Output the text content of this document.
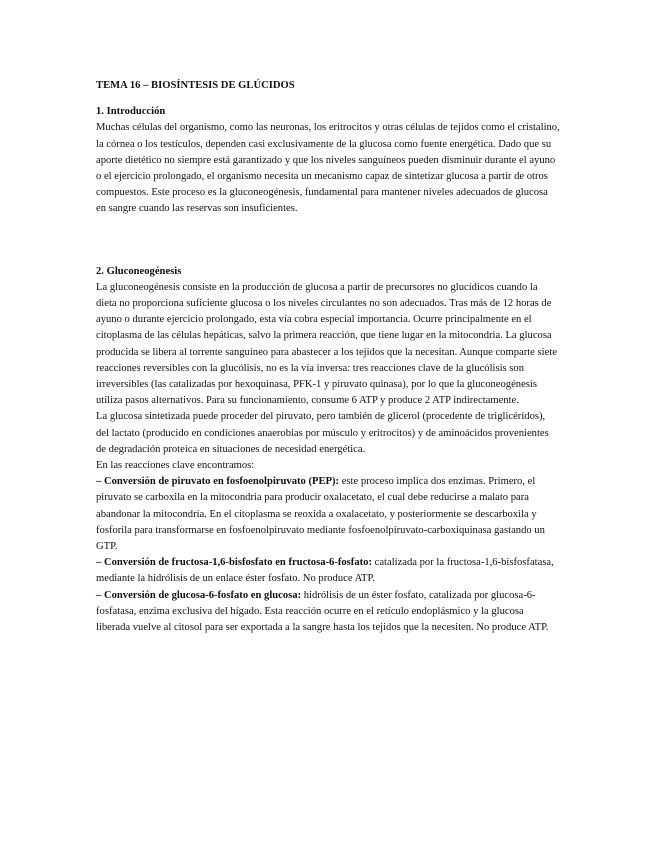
TEMA 16 – BIOSÍNTESIS DE GLÚCIDOS
1. Introducción

Muchas células del organismo, como las neuronas, los eritrocitos y otras células de tejidos como el cristalino, la córnea o los testículos, dependen casi exclusivamente de la glucosa como fuente energética. Dado que su aporte dietético no siempre está garantizado y que los niveles sanguíneos pueden disminuir durante el ayuno o el ejercicio prolongado, el organismo necesita un mecanismo capaz de sintetizar glucosa a partir de otros compuestos. Este proceso es la gluconeogénesis, fundamental para mantener niveles adecuados de glucosa en sangre cuando las reservas son insuficientes.

2. Gluconeogénesis

La gluconeogénesis consiste en la producción de glucosa a partir de precursores no glucídicos cuando la dieta no proporciona suficiente glucosa o los niveles circulantes no son adecuados. Tras más de 12 horas de ayuno o durante ejercicio prolongado, esta vía cobra especial importancia. Ocurre principalmente en el citoplasma de las células hepáticas, salvo la primera reacción, que tiene lugar en la mitocondria. La glucosa producida se libera al torrente sanguíneo para abastecer a los tejidos que la necesitan. Aunque comparte siete reacciones reversibles con la glucólisis, no es la vía inversa: tres reacciones clave de la glucólisis son irreversibles (las catalizadas por hexoquinasa, PFK-1 y piruvato quinasa), por lo que la gluconeogénesis utiliza pasos alternativos. Para su funcionamiento, consume 6 ATP y produce 2 ATP indirectamente.

La glucosa sintetizada puede proceder del piruvato, pero también de glicerol (procedente de triglicéridos), del lactato (producido en condiciones anaerobias por músculo y eritrocitos) y de aminoácidos provenientes de degradación proteica en situaciones de necesidad energética.

En las reacciones clave encontramos:

– Conversión de piruvato en fosfoenolpiruvato (PEP): este proceso implica dos enzimas. Primero, el piruvato se carboxila en la mitocondria para producir oxalacetato, el cual debe reducirse a malato para abandonar la mitocondria. En el citoplasma se reoxida a oxalacetato, y posteriormente se descarboxila y fosforila para transformarse en fosfoenolpiruvato mediante fosfoenolpiruvato-carboxiquinasa gastando un GTP.

– Conversión de fructosa-1,6-bisfosfato en fructosa-6-fosfato: catalizada por la fructosa-1,6-bisfosfatasa, mediante la hidrólisis de un enlace éster fosfato. No produce ATP.

– Conversión de glucosa-6-fosfato en glucosa: hidrólisis de un éster fosfato, catalizada por glucosa-6-fosfatasa, enzima exclusiva del hígado. Esta reacción ocurre en el retículo endoplásmico y la glucosa liberada vuelve al citosol para ser exportada a la sangre hasta los tejidos que la necesiten. No produce ATP.
